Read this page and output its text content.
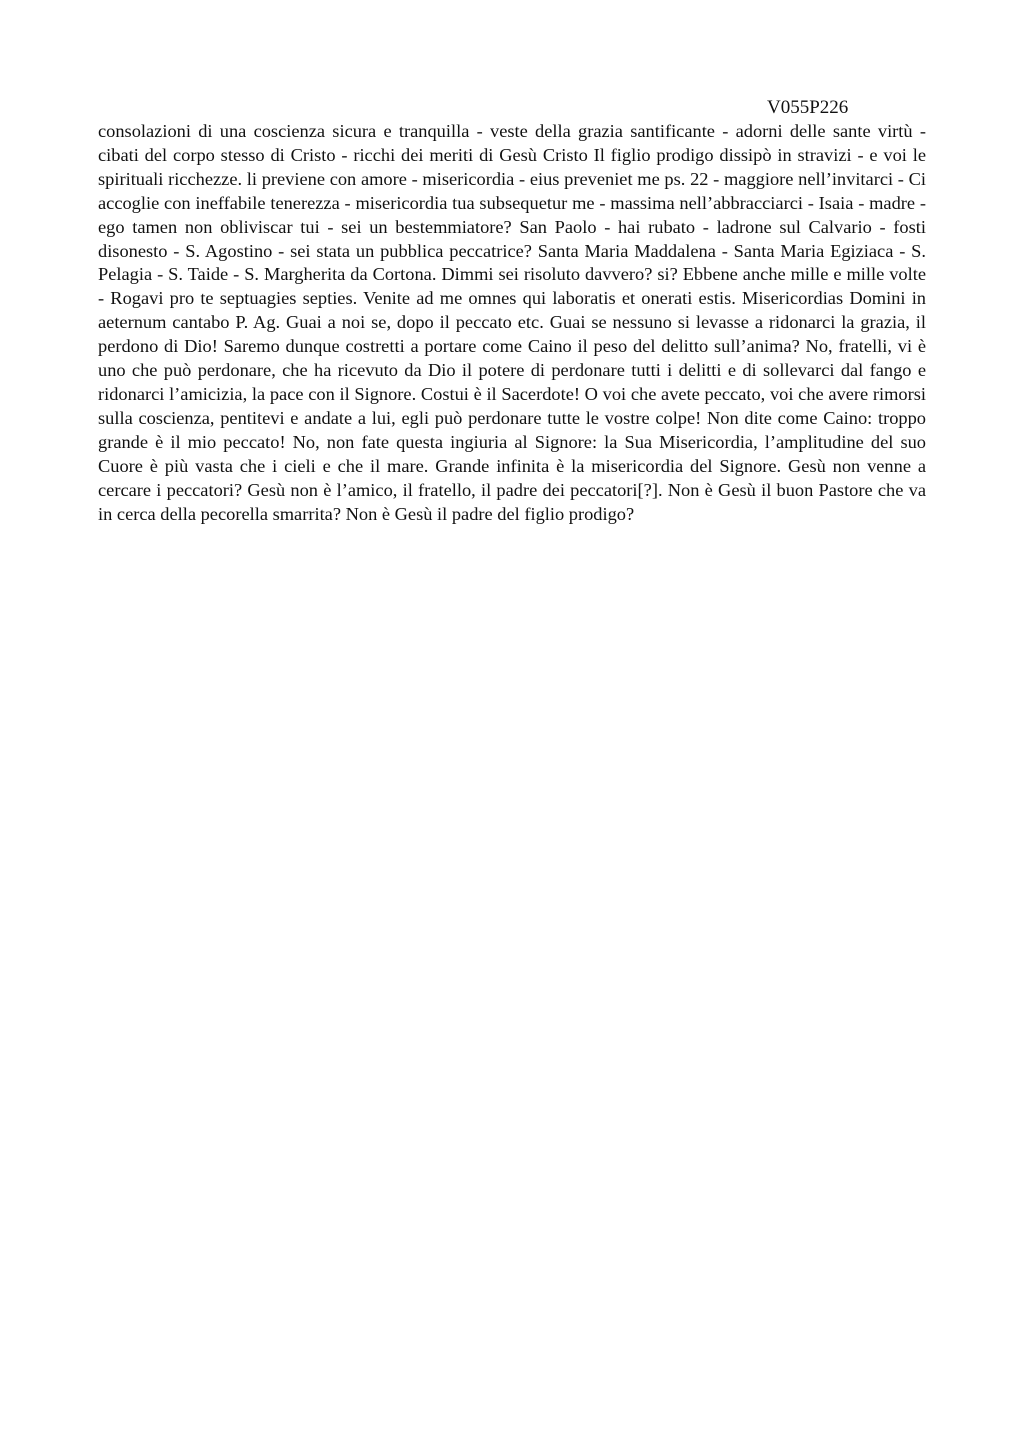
V055P226

consolazioni di una coscienza sicura e tranquilla - veste della grazia santificante - adorni delle sante virtù - cibati del corpo stesso di Cristo - ricchi dei meriti di Gesù Cristo Il figlio prodigo dissipò in stravizi - e voi le spirituali ricchezze. li previene con amore - misericordia - eius preveniet me ps. 22 - maggiore nell’invitarci - Ci accoglie con ineffabile tenerezza - misericordia tua subsequetur me - massima nell’abbracciarci - Isaia - madre - ego tamen non obliviscar tui - sei un bestemmiatore? San Paolo - hai rubato - ladrone sul Calvario - fosti disonesto - S. Agostino - sei stata un pubblica peccatrice? Santa Maria Maddalena - Santa Maria Egiziaca - S. Pelagia - S. Taide - S. Margherita da Cortona. Dimmi sei risoluto davvero? si? Ebbene anche mille e mille volte - Rogavi pro te septuagies septies. Venite ad me omnes qui laboratis et onerati estis. Misericordias Domini in aeternum cantabo P. Ag. Guai a noi se, dopo il peccato etc. Guai se nessuno si levasse a ridonarci la grazia, il perdono di Dio! Saremo dunque costretti a portare come Caino il peso del delitto sull’anima? No, fratelli, vi è uno che può perdonare, che ha ricevuto da Dio il potere di perdonare tutti i delitti e di sollevarci dal fango e ridonarci l’amicizia, la pace con il Signore. Costui è il Sacerdote! O voi che avete peccato, voi che avere rimorsi sulla coscienza, pentitevi e andate a lui, egli può perdonare tutte le vostre colpe! Non dite come Caino: troppo grande è il mio peccato! No, non fate questa ingiuria al Signore: la Sua Misericordia, l’amplitudine del suo Cuore è più vasta che i cieli e che il mare. Grande infinita è la misericordia del Signore. Gesù non venne a cercare i peccatori? Gesù non è l’amico, il fratello, il padre dei peccatori[?]. Non è Gesù il buon Pastore che va in cerca della pecorella smarrita? Non è Gesù il padre del figlio prodigo?
